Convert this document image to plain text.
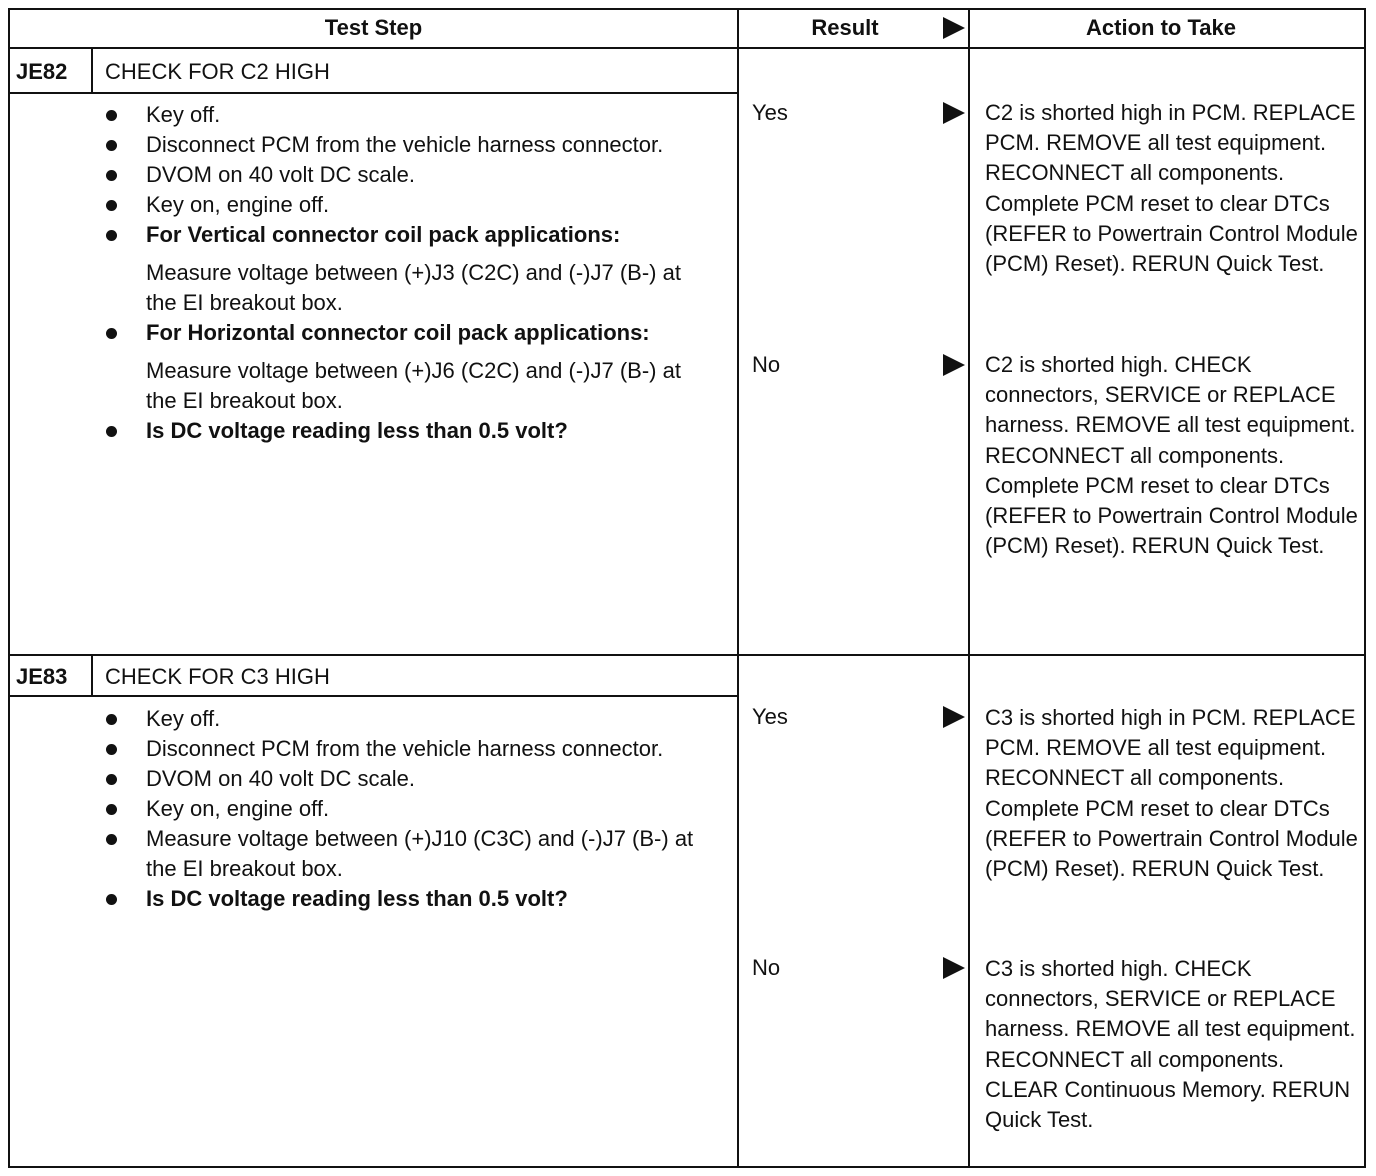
Test Step	Result	Action to Take
JE82 CHECK FOR C2 HIGH
Key off.
Disconnect PCM from the vehicle harness connector.
DVOM on 40 volt DC scale.
Key on, engine off.
For Vertical connector coil pack applications:
Measure voltage between (+)J3 (C2C) and (-)J7 (B-) at the EI breakout box.
For Horizontal connector coil pack applications:
Measure voltage between (+)J6 (C2C) and (-)J7 (B-) at the EI breakout box.
Is DC voltage reading less than 0.5 volt?
Yes	C2 is shorted high in PCM. REPLACE PCM. REMOVE all test equipment. RECONNECT all components. Complete PCM reset to clear DTCs (REFER to Powertrain Control Module (PCM) Reset). RERUN Quick Test.
No	C2 is shorted high. CHECK connectors, SERVICE or REPLACE harness. REMOVE all test equipment. RECONNECT all components. Complete PCM reset to clear DTCs (REFER to Powertrain Control Module (PCM) Reset). RERUN Quick Test.
JE83 CHECK FOR C3 HIGH
Key off.
Disconnect PCM from the vehicle harness connector.
DVOM on 40 volt DC scale.
Key on, engine off.
Measure voltage between (+)J10 (C3C) and (-)J7 (B-) at the EI breakout box.
Is DC voltage reading less than 0.5 volt?
Yes	C3 is shorted high in PCM. REPLACE PCM. REMOVE all test equipment. RECONNECT all components. Complete PCM reset to clear DTCs (REFER to Powertrain Control Module (PCM) Reset). RERUN Quick Test.
No	C3 is shorted high. CHECK connectors, SERVICE or REPLACE harness. REMOVE all test equipment. RECONNECT all components. CLEAR Continuous Memory. RERUN Quick Test.
